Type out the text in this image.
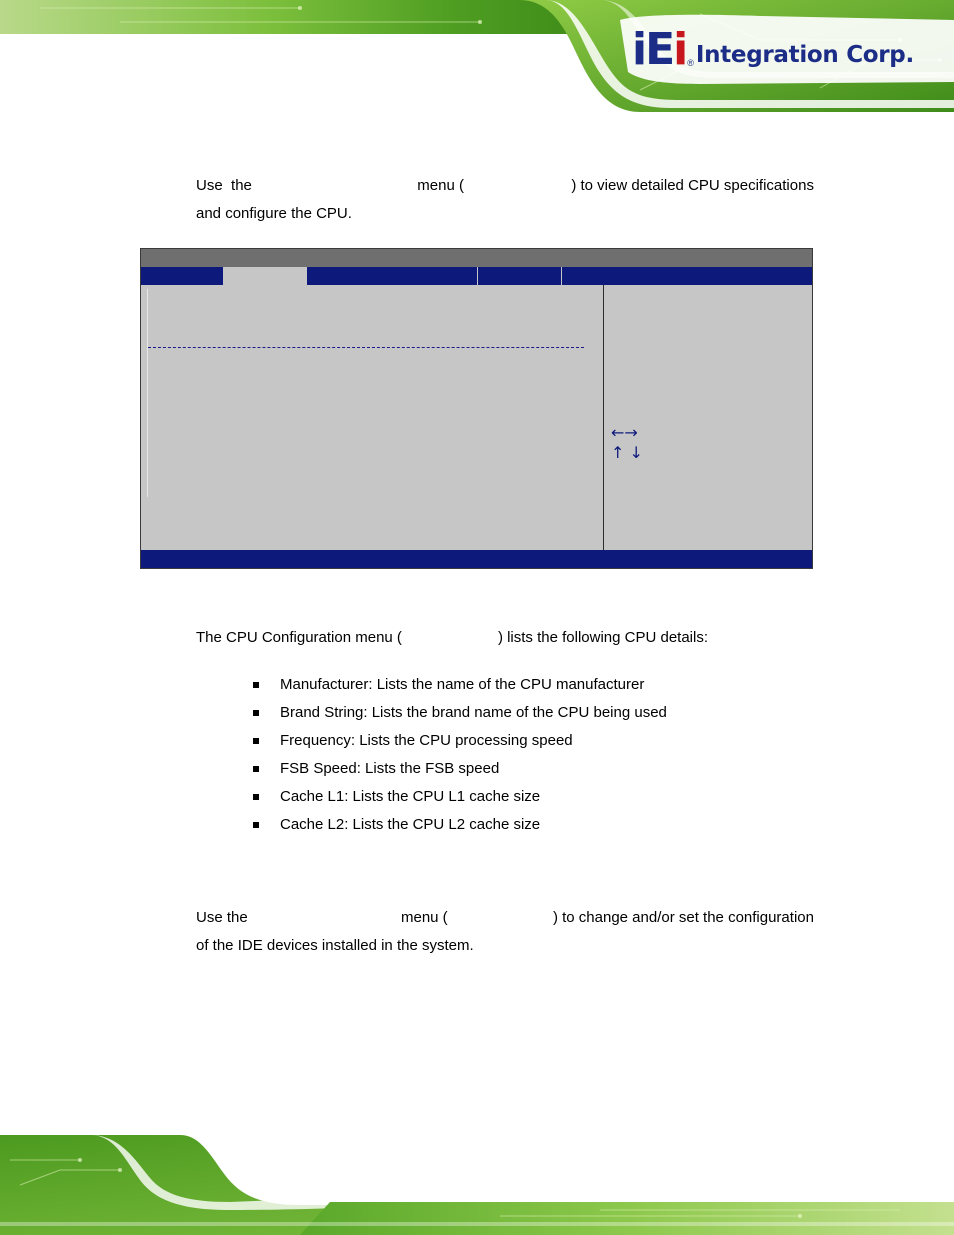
iEi ® Integration Corp.
Use the	menu (	) to view detailed CPU specifications
and configure the CPU.
←→
↑ ↓
The CPU Configuration menu (	) lists the following CPU details:
Manufacturer: Lists the name of the CPU manufacturer
Brand String: Lists the brand name of the CPU being used
Frequency: Lists the CPU processing speed
FSB Speed: Lists the FSB speed
Cache L1: Lists the CPU L1 cache size
Cache L2: Lists the CPU L2 cache size
Use the	menu (	) to change and/or set the configuration
of the IDE devices installed in the system.
